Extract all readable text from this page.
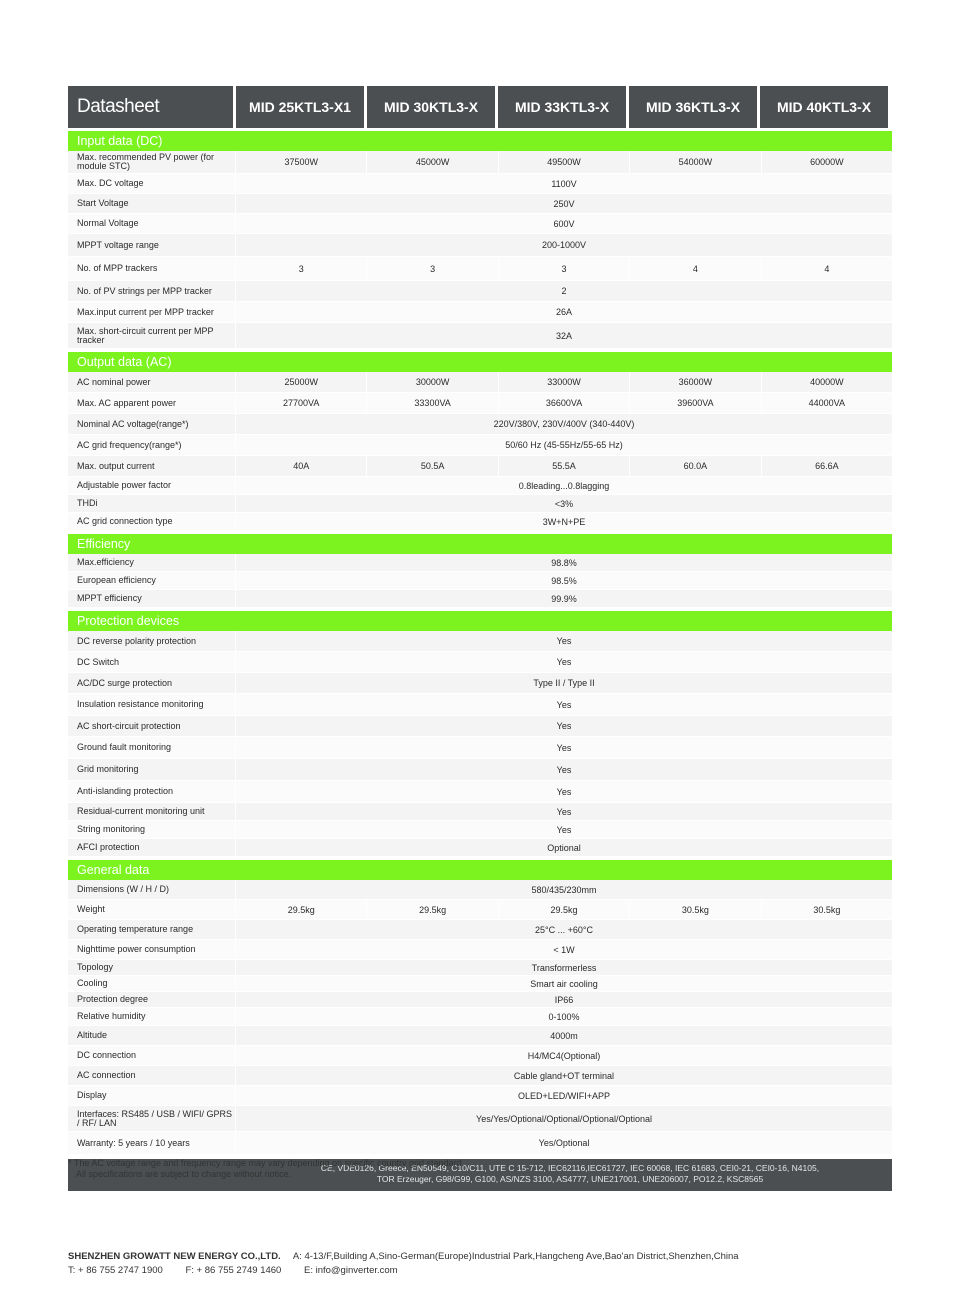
Datasheet	MID 25KTL3-X1	MID 30KTL3-X	MID 33KTL3-X	MID 36KTL3-X	MID 40KTL3-X
Input data (DC)
Max. recommended PV power (for module STC)	37500W	45000W	49500W	54000W	60000W
Max. DC voltage	1100V
Start Voltage	250V
Normal Voltage	600V
MPPT voltage range	200-1000V
No. of MPP trackers	3	3	3	4	4
No. of PV strings per MPP tracker	2
Max.input current per MPP tracker	26A
Max. short-circuit current per MPP tracker	32A
Output data (AC)
AC nominal power	25000W	30000W	33000W	36000W	40000W
Max. AC apparent power	27700VA	33300VA	36600VA	39600VA	44000VA
Nominal AC voltage(range*)	220V/380V, 230V/400V (340-440V)
AC grid frequency(range*)	50/60 Hz (45-55Hz/55-65 Hz)
Max. output current	40A	50.5A	55.5A	60.0A	66.6A
Adjustable power factor	0.8leading...0.8lagging
THDi	<3%
AC grid connection type	3W+N+PE
Efficiency
Max.efficiency	98.8%
European efficiency	98.5%
MPPT efficiency	99.9%
Protection devices
DC reverse polarity protection	Yes
DC Switch	Yes
AC/DC surge protection	Type II / Type II
Insulation resistance monitoring	Yes
AC short-circuit protection	Yes
Ground fault monitoring	Yes
Grid monitoring	Yes
Anti-islanding protection	Yes
Residual-current monitoring unit	Yes
String monitoring	Yes
AFCI protection	Optional
General data
Dimensions (W / H / D)	580/435/230mm
Weight	29.5kg	29.5kg	29.5kg	30.5kg	30.5kg
Operating temperature range	25°C ... +60°C
Nighttime power consumption	< 1W
Topology	Transformerless
Cooling	Smart air cooling
Protection degree	IP66
Relative humidity	0-100%
Altitude	4000m
DC connection	H4/MC4(Optional)
AC connection	Cable gland+OT terminal
Display	OLED+LED/WIFI+APP
Interfaces: RS485 / USB / WIFI/ GPRS / RF/ LAN	Yes/Yes/Optional/Optional/Optional/Optional
Warranty: 5 years / 10 years	Yes/Optional
CE, VDE0126, Greece, EN50549, C10/C11, UTE C 15-712, IEC62116,IEC61727, IEC 60068, IEC 61683, CEI0-21, CEI0-16, N4105,
TOR Erzeuger, G98/G99, G100, AS/NZS 3100, AS4777, UNE217001, UNE206007, PO12.2, KSC8565
* The AC voltage range and frequency range may vary depending on specific country grid standard.
All specifications are subject to change without notice.
SHENZHEN GROWATT NEW ENERGY CO.,LTD. A: 4-13/F,Building A,Sino-German(Europe)Industrial Park,Hangcheng Ave,Bao'an District,Shenzhen,China
T: + 86 755 2747 1900 F: + 86 755 2749 1460 E: info@ginverter.com
